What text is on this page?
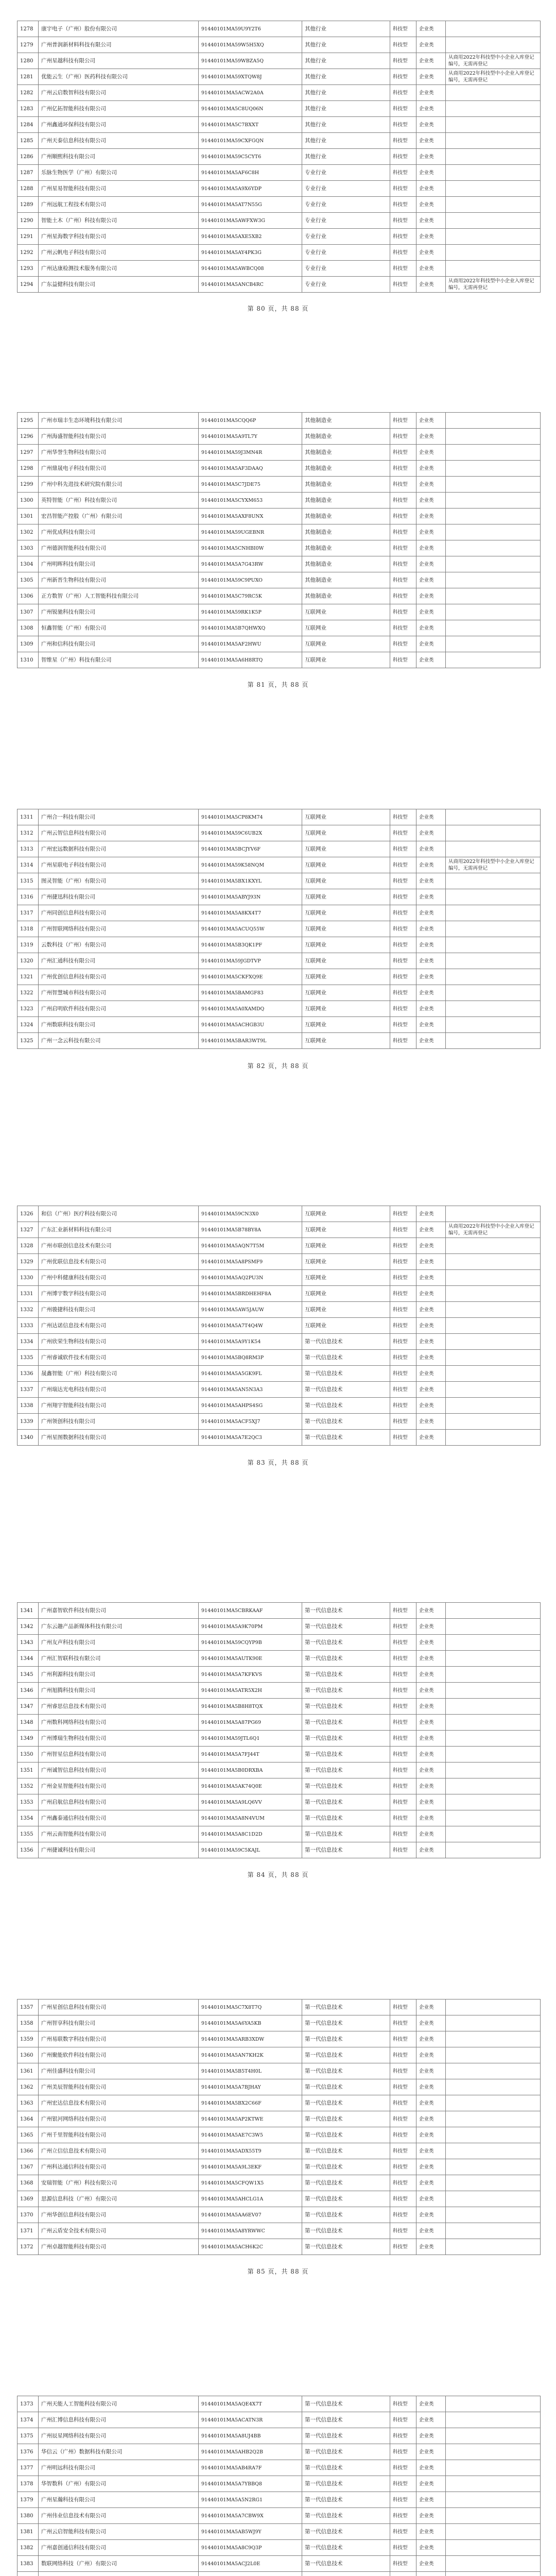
1278	康宇电子（广州）股份有限公司	91440101MA59U9Y2T6	其他行业	科技型	企业类	
1279	广州普润新材料科技有限公司	91440101MA59W5H5XQ	其他行业	科技型	企业类	
1280	广州星越科技有限公司	91440101MA59WBZA5Q	其他行业	科技型	企业类	从商用2022年科技型中小企业入库登记编号，无需再登记
1281	优能云生（广州）医药科技有限公司	91440101MA59XTQW8J	其他行业	科技型	企业类	从商用2022年科技型中小企业入库登记编号，无需再登记
1282	广州云启数智科技有限公司	91440101MA5ACW2A0A	其他行业	科技型	企业类	
1283	广州亿拓智能科技有限公司	91440101MA5C8UQ06N	其他行业	科技型	企业类	
1284	广州鑫通环保科技有限公司	91440101MA5C7BXXT	其他行业	科技型	企业类	
1285	广州天泰信息科技有限公司	91440101MA59CXFGQN	其他行业	科技型	企业类	
1286	广州顺熙科技有限公司	91440101MA59C5CYT6	其他行业	科技型	企业类	
1287	乐脉生物医学（广州）有限公司	91440101MA5AF6C8H	专业行业	科技型	企业类	
1288	广州星易智能科技有限公司	91440101MA5A9X6YDP	专业行业	科技型	企业类	
1289	广州远航工程技术有限公司	91440101MA5AT7N55G	专业行业	科技型	企业类	
1290	智能土木（广州）科技有限公司	91440101MA5AWFXW3G	专业行业	科技型	企业类	
1291	广州星海数字科技有限公司	91440101MA5AXE5XB2	专业行业	科技型	企业类	
1292	广州云帆电子科技有限公司	91440101MA5AY4PK3G	专业行业	科技型	企业类	
1293	广州达康检测技术服务有限公司	91440101MA5AWBCQ08	专业行业	科技型	企业类	
1294	广东益健科技有限公司	91440101MA5ANCB4RC	专业行业	科技型	企业类	从商用2022年科技型中小企业入库登记编号，无需再登记
第 80 页，共 88 页
1295	广州市瑞丰生态环境科技有限公司	91440101MA5CQQ6P	其他制造业	科技型	企业类	
1296	广州海盛智能科技有限公司	91440101MA5A9TL7Y	其他制造业	科技型	企业类	
1297	广州华誉生物科技有限公司	91440101MA59J3MN4R	其他制造业	科技型	企业类	
1298	广州鼎晟电子科技有限公司	91440101MA5AF3DAAQ	其他制造业	科技型	企业类	
1299	广州中科先进技术研究院有限公司	91440101MA5C7JDE75	其他制造业	科技型	企业类	
1300	英特智能（广州）科技有限公司	91440101MA5CYXM653	其他制造业	科技型	企业类	
1301	宏昌智能产控股（广州）有限公司	91440101MA5AXF8UNX	其他制造业	科技型	企业类	
1302	广州优成科技有限公司	91440101MA59UGEBNR	其他制造业	科技型	企业类	
1303	广州德润智能科技有限公司	91440101MA5CNHBI0W	其他制造业	科技型	企业类	
1304	广州明晖科技有限公司	91440101MA5A7G43RW	其他制造业	科技型	企业类	
1305	广州新晋生物科技有限公司	91440101MA59C9PUXO	其他制造业	科技型	企业类	
1306	正方数智（广州）人工智能科技有限公司	91440101MA5C79RC5K	其他制造业	科技型	企业类	
1307	广州锐驰科技有限公司	91440101MA59RK1K5P	互联网业	科技型	企业类	
1308	恒鑫智能（广州）有限公司	91440101MA5B7QHWXQ	互联网业	科技型	企业类	
1309	广州和信科技有限公司	91440101MA5AF2HWU	互联网业	科技型	企业类	
1310	智维星（广州）科技有限公司	91440101MA5A6H8RTQ	互联网业	科技型	企业类	
第 81 页，共 88 页
1311	广州合一科技有限公司	91440101MA5CP8KM74	互联网业	科技型	企业类	
1312	广州云智信息科技有限公司	91440101MA59C6UB2X	互联网业	科技型	企业类	
1313	广州宏远数据科技有限公司	91440101MA5BCJYV6F	互联网业	科技型	企业类	
1314	广州星联电子科技有限公司	91440101MA59K58NQM	互联网业	科技型	企业类	从商用2022年科技型中小企业入库登记编号，无需再登记
1315	图灵智能（广州）有限公司	91440101MA5BX1KXYL	互联网业	科技型	企业类	
1316	广州捷迅科技有限公司	91440101MA5ABYJ93N	互联网业	科技型	企业类	
1317	广州同创信息科技有限公司	91440101MA5A8KX4T7	互联网业	科技型	企业类	
1318	广州智联网络科技有限公司	91440101MA5ACUQ55W	互联网业	科技型	企业类	
1319	云数科技（广州）有限公司	91440101MA5B3QK1PF	互联网业	科技型	企业类	
1320	广州汇通科技有限公司	91440101MA59JGDTVP	互联网业	科技型	企业类	
1321	广州优创信息科技有限公司	91440101MA5CKFXQ9E	互联网业	科技型	企业类	
1322	广州智慧城市科技有限公司	91440101MA5BAMGF83	互联网业	科技型	企业类	
1323	广州启明软件科技有限公司	91440101MA5A0XAMDQ	互联网业	科技型	企业类	
1324	广州数联科技有限公司	91440101MA5ACHGB3U	互联网业	科技型	企业类	
1325	广州一念云科技有限公司	91440101MA5BAR3WT9L	互联网业	科技型	企业类	
第 82 页，共 88 页
1326	和信（广州）医疗科技有限公司	91440101MA59CN3X0	互联网业	科技型	企业类	
1327	广东汇业新材料科技有限公司	91440101MA5B78BY8A	互联网业	科技型	企业类	从商用2022年科技型中小企业入库登记编号，无需再登记
1328	广州市联创信息技术有限公司	91440101MA5AQN7T5M	互联网业	科技型	企业类	
1329	广州优联信息技术有限公司	91440101MA5A8PSMF9	互联网业	科技型	企业类	
1330	广州中科健康科技有限公司	91440101MA5AQ2PU3N	互联网业	科技型	企业类	
1331	广州博宇数字科技有限公司	91440101MA5BRDHEHF8A	互联网业	科技型	企业类	
1332	广州骏捷科技有限公司	91440101MA5AW5JAUW	互联网业	科技型	企业类	
1333	广州达诺信息技术有限公司	91440101MA5A7T4Q4W	互联网业	科技型	企业类	
1334	广州欣荣生物科技有限公司	91440101MA5A9Y1K54	第一代信息技术	科技型	企业类	
1335	广州睿诚软件技术有限公司	91440101MA5BQ8RM3P	第一代信息技术	科技型	企业类	
1336	晟鑫智能（广州）科技有限公司	91440101MA5A5GK9FL	第一代信息技术	科技型	企业类	
1337	广州瑞达光电科技有限公司	91440101MA5AN5N3A3	第一代信息技术	科技型	企业类	
1338	广州翔宇智能科技有限公司	91440101MA5AHPS4SG	第一代信息技术	科技型	企业类	
1339	广州领创科技有限公司	91440101MA5ACF5XJ7	第一代信息技术	科技型	企业类	
1340	广州星图数据科技有限公司	91440101MA5A7E2QC3	第一代信息技术	科技型	企业类	
第 83 页，共 88 页
1341	广州嘉智软件科技有限公司	91440101MA5CBRKAAF	第一代信息技术	科技型	企业类	
1342	广东云趣产品新媒体科技有限公司	91440101MA5A9K70PM	第一代信息技术	科技型	企业类	
1343	广州友声科技有限公司	91440101MA59CQYP9B	第一代信息技术	科技型	企业类	
1344	广州汇智联科技有限公司	91440101MA5AUTK90E	第一代信息技术	科技型	企业类	
1345	广州利源科技有限公司	91440101MA5A7KFKVS	第一代信息技术	科技型	企业类	
1346	广州旭腾科技有限公司	91440101MA5ATR5X2H	第一代信息技术	科技型	企业类	
1347	广州睿思信息技术有限公司	91440101MA5B8H8TQX	第一代信息技术	科技型	企业类	
1348	广州数科网络科技有限公司	91440101MA5A87PG69	第一代信息技术	科技型	企业类	
1349	广州博瑞生物科技有限公司	91440101MA59JTL6Q1	第一代信息技术	科技型	企业类	
1350	广州智星信息科技有限公司	91440101MA5A7FJ44T	第一代信息技术	科技型	企业类	
1351	广州诚智信息科技有限公司	91440101MA5B0DRXBA	第一代信息技术	科技型	企业类	
1352	广州金星智能科技有限公司	91440101MA5AK74Q0E	第一代信息技术	科技型	企业类	
1353	广州启航信息科技有限公司	91440101MA5A9LQ6VV	第一代信息技术	科技型	企业类	
1354	广州鑫泰通信科技有限公司	91440101MA5A8N4VUM	第一代信息技术	科技型	企业类	
1355	广州云南智能科技有限公司	91440101MA5A8C1D2D	第一代信息技术	科技型	企业类	
1356	广州捷诚科技有限公司	91440101MA59C5KAJL	第一代信息技术	科技型	企业类	
第 84 页，共 88 页
1357	广州星创信息科技有限公司	91440101MA5C7X8T7Q	第一代信息技术	科技型	企业类	
1358	广州智享科技有限公司	91440101MA5A6YA5KB	第一代信息技术	科技型	企业类	
1359	广州易联数字科技有限公司	91440101MA5ARB3XDW	第一代信息技术	科技型	企业类	
1360	广州聚能软件科技有限公司	91440101MA5AN7KH2K	第一代信息技术	科技型	企业类	
1361	广州佳盛科技有限公司	91440101MA5B5T4H0L	第一代信息技术	科技型	企业类	
1362	广州美辰智能科技有限公司	91440101MA5A7BJHAY	第一代信息技术	科技型	企业类	
1363	广州宏达信息技术有限公司	91440101MA5BX2C66F	第一代信息技术	科技型	企业类	
1364	广州银河网络科技有限公司	91440101MA5AP2KTWE	第一代信息技术	科技型	企业类	
1365	广州千里智能科技有限公司	91440101MA5AE7C3W5	第一代信息技术	科技型	企业类	
1366	广州立信信息技术有限公司	91440101MA5ADX55T9	第一代信息技术	科技型	企业类	
1367	广州科达通信科技有限公司	91440101MA5A9L3EKF	第一代信息技术	科技型	企业类	
1368	安瑞智能（广州）科技有限公司	91440101MA5CFQW1X5	第一代信息技术	科技型	企业类	
1369	思源信息科技（广州）有限公司	91440101MA5AHCLG1A	第一代信息技术	科技型	企业类	
1370	广州华创信息科技有限公司	91440101MA5AA6EV07	第一代信息技术	科技型	企业类	
1371	广州云盾安全技术有限公司	91440101MA5A8YRWWC	第一代信息技术	科技型	企业类	
1372	广州卓越智能科技有限公司	91440101MA5ACH6K2C	第一代信息技术	科技型	企业类	
第 85 页，共 88 页
1373	广州天能人工智能科技有限公司	91440101MA5AQE4X7T	第一代信息技术	科技型	企业类	
1374	广州汇博信息科技有限公司	91440101MA5ACATN3R	第一代信息技术	科技型	企业类	
1375	广州辰星网络科技有限公司	91440101MA5A8UJ4BB	第一代信息技术	科技型	企业类	
1376	华信云（广州）数据科技有限公司	91440101MA5AHB2Q2B	第一代信息技术	科技型	企业类	
1377	广州明远科技有限公司	91440101MA5AB4RA7F	第一代信息技术	科技型	企业类	
1378	华智数科（广州）有限公司	91440101MA5A7YBBQ8	第一代信息技术	科技型	企业类	
1379	广州星瀚科技有限公司	91440101MA5A5N2RG1	第一代信息技术	科技型	企业类	
1380	广州伟业信息技术有限公司	91440101MA5A7CBW9X	第一代信息技术	科技型	企业类	
1381	广州云启智能科技有限公司	91440101MA5AB5WJ9Y	第一代信息技术	科技型	企业类	
1382	广州嘉创通信科技有限公司	91440101MA5A8C9Q3P	第一代信息技术	科技型	企业类	
1383	数联网络科技（广州）有限公司	91440101MA5ACJ2L0E	第一代信息技术	科技型	企业类	
